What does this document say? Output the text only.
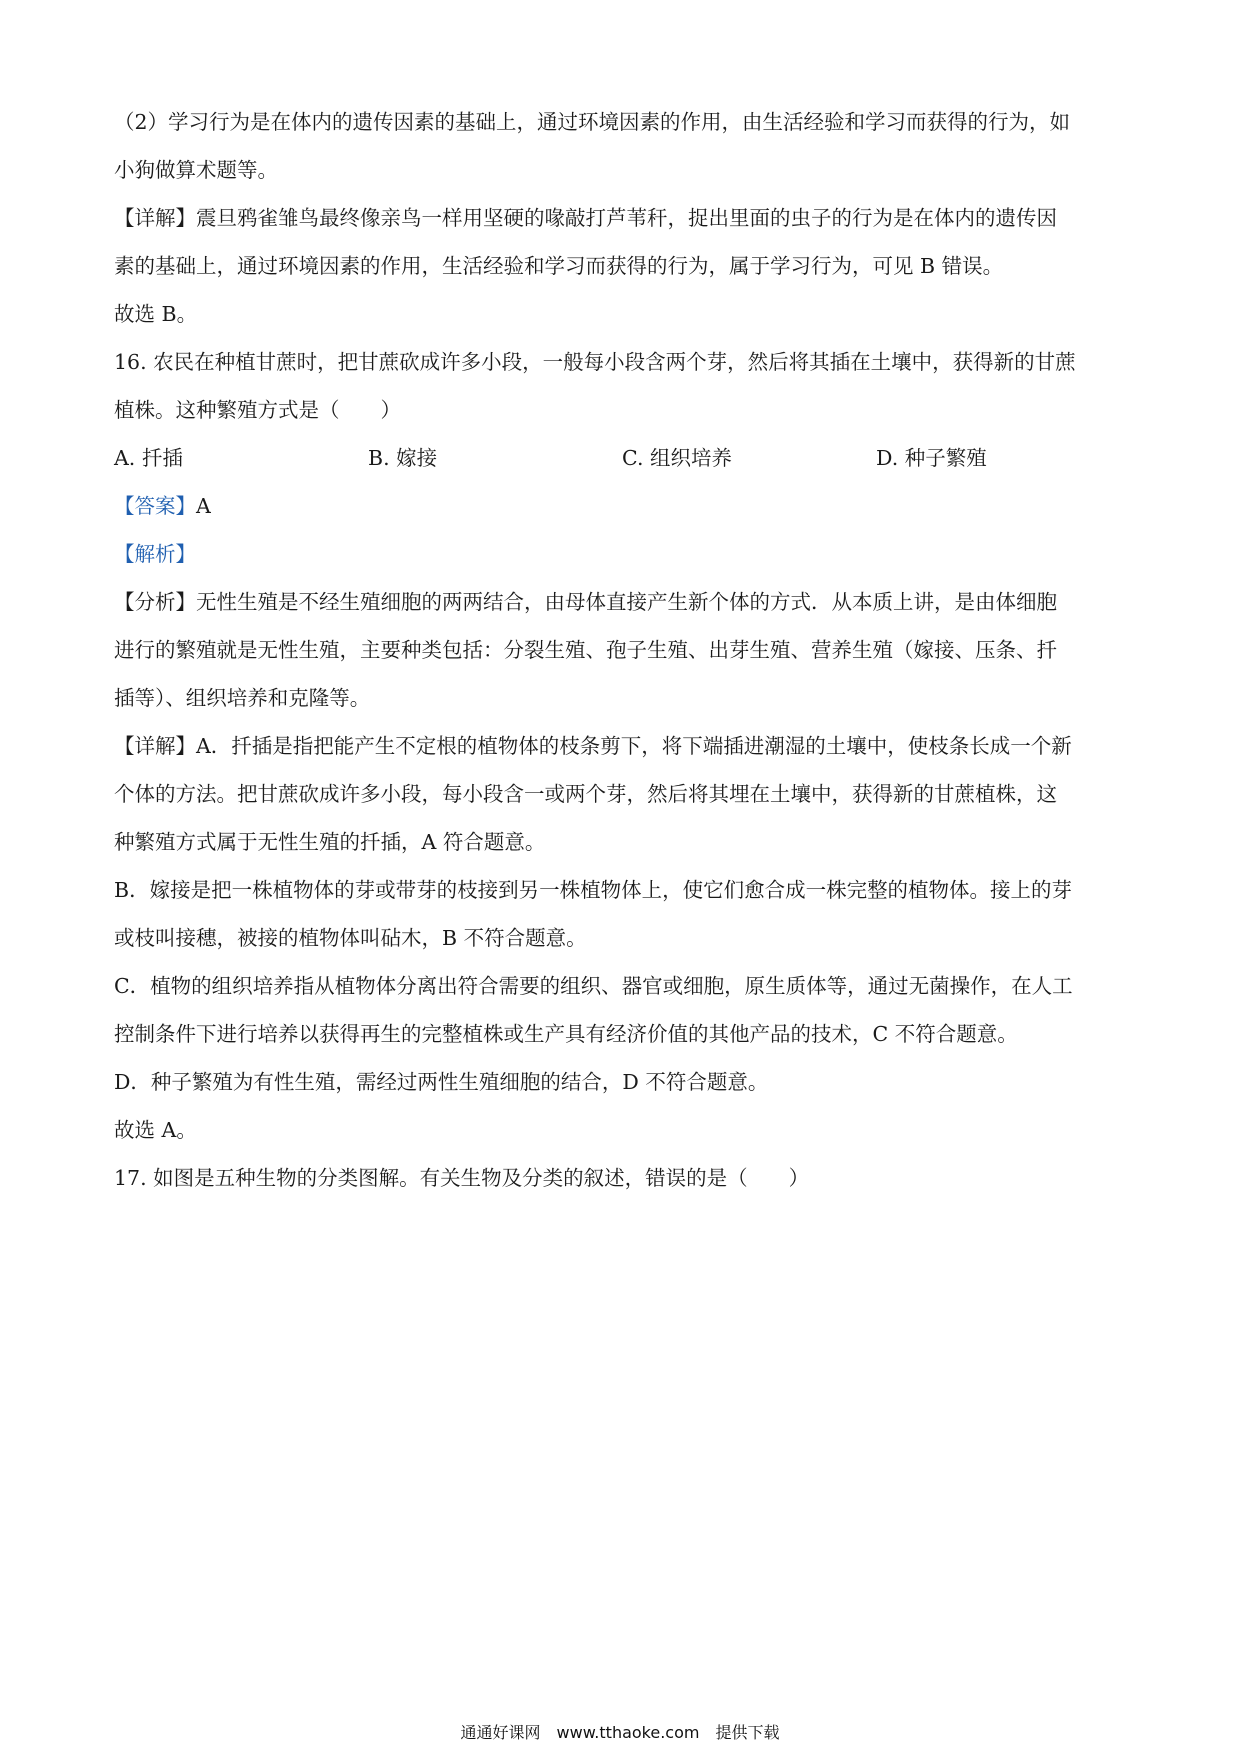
（2）学习行为是在体内的遗传因素的基础上，通过环境因素的作用，由生活经验和学习而获得的行为，如
小狗做算术题等。
【详解】震旦鸦雀雏鸟最终像亲鸟一样用坚硬的喙敲打芦苇秆，捉出里面的虫子的行为是在体内的遗传因
素的基础上，通过环境因素的作用，生活经验和学习而获得的行为，属于学习行为，可见 B 错误。
故选 B。
16. 农民在种植甘蔗时，把甘蔗砍成许多小段，一般每小段含两个芽，然后将其插在土壤中，获得新的甘蔗
植株。这种繁殖方式是（　　）
A. 扦插	B. 嫁接	C. 组织培养	D. 种子繁殖
【答案】A
【解析】
【分析】无性生殖是不经生殖细胞的两两结合，由母体直接产生新个体的方式．从本质上讲，是由体细胞
进行的繁殖就是无性生殖，主要种类包括：分裂生殖、孢子生殖、出芽生殖、营养生殖（嫁接、压条、扦
插等）、组织培养和克隆等。
【详解】A．扦插是指把能产生不定根的植物体的枝条剪下，将下端插进潮湿的土壤中，使枝条长成一个新
个体的方法。把甘蔗砍成许多小段，每小段含一或两个芽，然后将其埋在土壤中，获得新的甘蔗植株，这
种繁殖方式属于无性生殖的扦插，A 符合题意。
B．嫁接是把一株植物体的芽或带芽的枝接到另一株植物体上，使它们愈合成一株完整的植物体。接上的芽
或枝叫接穗，被接的植物体叫砧木，B 不符合题意。
C．植物的组织培养指从植物体分离出符合需要的组织、器官或细胞，原生质体等，通过无菌操作，在人工
控制条件下进行培养以获得再生的完整植株或生产具有经济价值的其他产品的技术，C 不符合题意。
D．种子繁殖为有性生殖，需经过两性生殖细胞的结合，D 不符合题意。
故选 A。
17. 如图是五种生物的分类图解。有关生物及分类的叙述，错误的是（　　）
通通好课网　www.tthaoke.com　提供下载
